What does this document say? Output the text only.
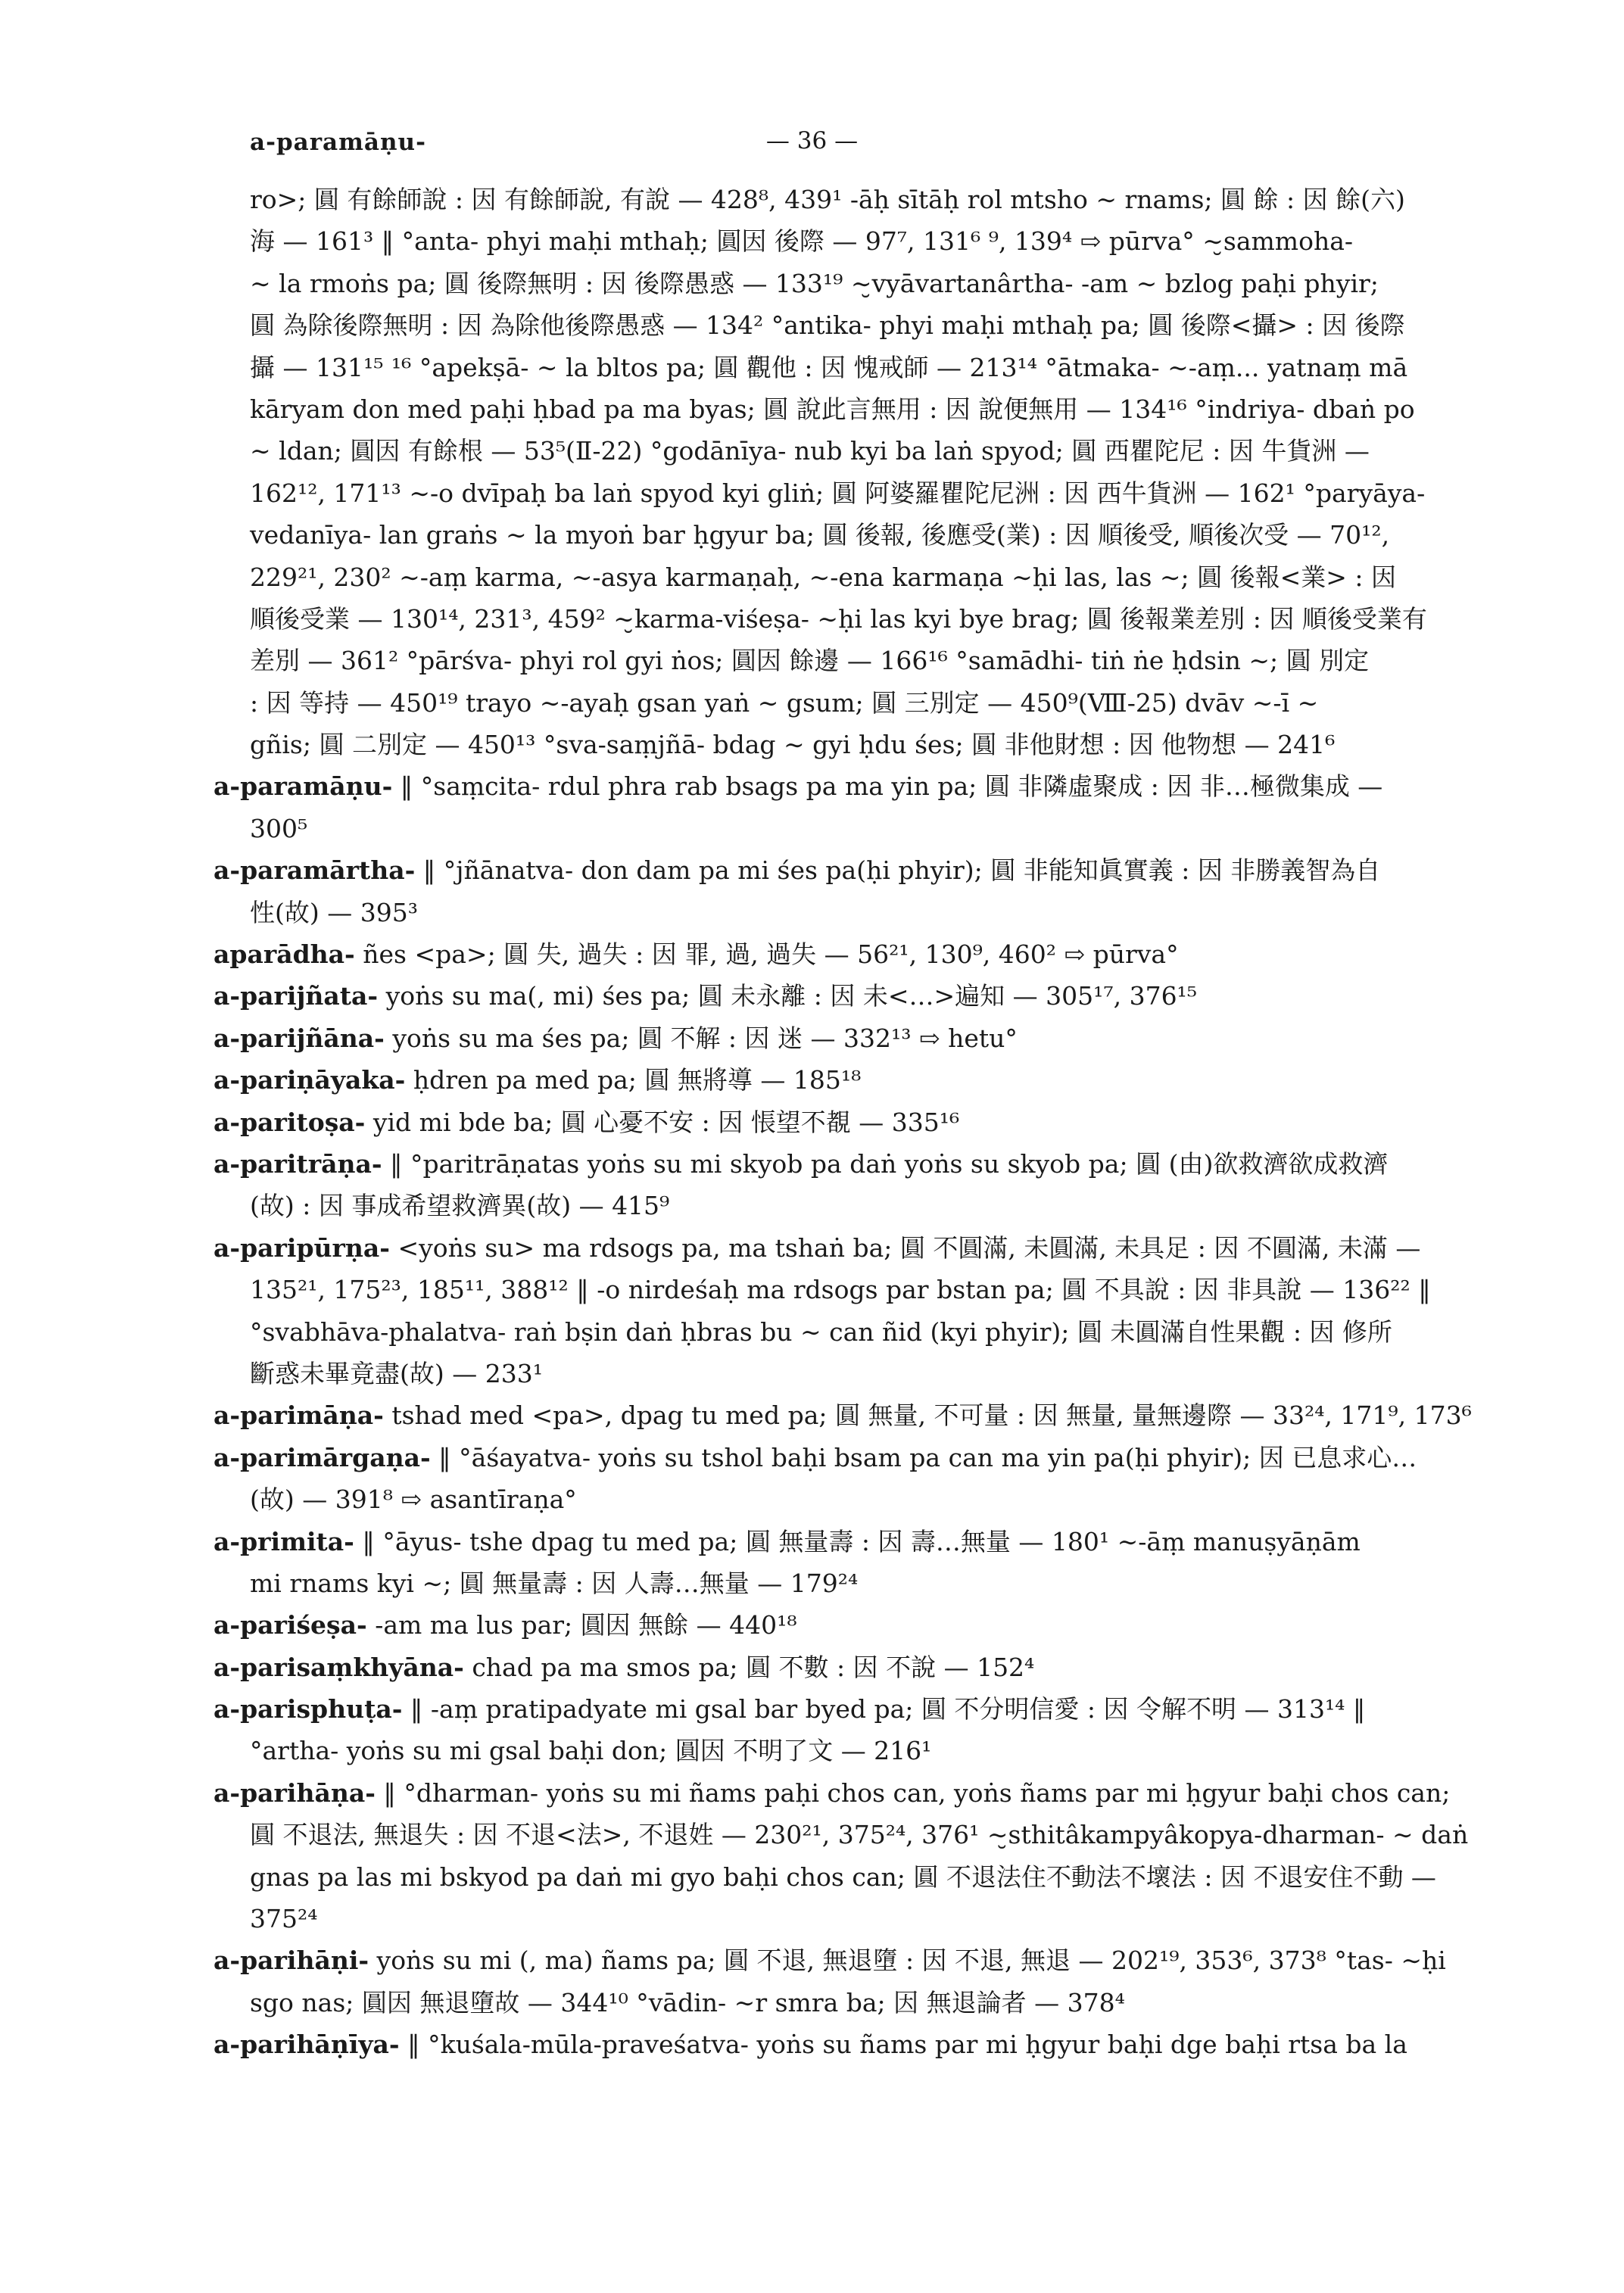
a-paramāṇu-	— 36 —
ro>; 圓 有餘師說 : 因 有餘師說, 有說 — 428⁸, 439¹ -āḥ sītāḥ rol mtsho ∼ rnams; 圓 餘 : 因 餘(六)
海 — 161³ ‖ °anta- phyi maḥi mthaḥ; 圓因 後際 — 97⁷, 131⁶ ⁹, 139⁴ ⇨ pūrva° ∼̮sammoha-
∼ la rmoṅs pa; 圓 後際無明 : 因 後際愚惑 — 133¹⁹ ∼̮vyāvartanârtha- -am ∼ bzlog paḥi phyir;
圓 為除後際無明 : 因 為除他後際愚惑 — 134² °antika- phyi maḥi mthaḥ pa; 圓 後際<攝> : 因 後際
攝 — 131¹⁵ ¹⁶ °apekṣā- ∼ la bltos pa; 圓 觀他 : 因 愧戒師 — 213¹⁴ °ātmaka- ∼-aṃ... yatnaṃ mā
kāryam don med paḥi ḥbad pa ma byas; 圓 說此言無用 : 因 說便無用 — 134¹⁶ °indriya- dbaṅ po
∼ ldan; 圓因 有餘根 — 53⁵(Ⅱ-22) °godānīya- nub kyi ba laṅ spyod; 圓 西瞿陀尼 : 因 牛貨洲 —
162¹², 171¹³ ∼-o dvīpaḥ ba laṅ spyod kyi gliṅ; 圓 阿婆羅瞿陀尼洲 : 因 西牛貨洲 — 162¹ °paryāya-
vedanīya- lan graṅs ∼ la myoṅ bar ḥgyur ba; 圓 後報, 後應受(業) : 因 順後受, 順後次受 — 70¹²,
229²¹, 230² ∼-aṃ karma, ∼-asya karmaṇaḥ, ∼-ena karmaṇa ∼ḥi las, las ∼; 圓 後報<業> : 因
順後受業 — 130¹⁴, 231³, 459² ∼̮karma-viśeṣa- ∼ḥi las kyi bye brag; 圓 後報業差別 : 因 順後受業有
差別 — 361² °pārśva- phyi rol gyi ṅos; 圓因 餘邊 — 166¹⁶ °samādhi- tiṅ ṅe ḥdsin ∼; 圓 別定
: 因 等持 — 450¹⁹ trayo ∼-ayaḥ gsan yaṅ ∼ gsum; 圓 三別定 — 450⁹(Ⅷ-25) dvāv ∼-ī ∼
gñis; 圓 二別定 — 450¹³ °sva-saṃjñā- bdag ∼ gyi ḥdu śes; 圓 非他財想 : 因 他物想 — 241⁶
a-paramāṇu- ‖ °saṃcita- rdul phra rab bsags pa ma yin pa; 圓 非隣虛聚成 : 因 非…極微集成 —
300⁵
a-paramārtha- ‖ °jñānatva- don dam pa mi śes pa(ḥi phyir); 圓 非能知眞實義 : 因 非勝義智為自
性(故) — 395³
aparādha- ñes <pa>; 圓 失, 過失 : 因 罪, 過, 過失 — 56²¹, 130⁹, 460² ⇨ pūrva°
a-parijñata- yoṅs su ma(, mi) śes pa; 圓 未永離 : 因 未<…>遍知 — 305¹⁷, 376¹⁵
a-parijñāna- yoṅs su ma śes pa; 圓 不解 : 因 迷 — 332¹³ ⇨ hetu°
a-pariṇāyaka- ḥdren pa med pa; 圓 無將導 — 185¹⁸
a-paritoṣa- yid mi bde ba; 圓 心憂不安 : 因 悵望不覩 — 335¹⁶
a-paritrāṇa- ‖ °paritrāṇatas yoṅs su mi skyob pa daṅ yoṅs su skyob pa; 圓 (由)欲救濟欲成救濟
(故) : 因 事成希望救濟異(故) — 415⁹
a-paripūrṇa- <yoṅs su> ma rdsogs pa, ma tshaṅ ba; 圓 不圓滿, 未圓滿, 未具足 : 因 不圓滿, 未滿 —
135²¹, 175²³, 185¹¹, 388¹² ‖ -o nirdeśaḥ ma rdsogs par bstan pa; 圓 不具說 : 因 非具說 — 136²² ‖
°svabhāva-phalatva- raṅ bṣin daṅ ḥbras bu ∼ can ñid (kyi phyir); 圓 未圓滿自性果觀 : 因 修所
斷惑未畢竟盡(故) — 233¹
a-parimāṇa- tshad med <pa>, dpag tu med pa; 圓 無量, 不可量 : 因 無量, 量無邊際 — 33²⁴, 171⁹, 173⁶
a-parimārgaṇa- ‖ °āśayatva- yoṅs su tshol baḥi bsam pa can ma yin pa(ḥi phyir); 因 已息求心…
(故) — 391⁸ ⇨ asantīraṇa°
a-primita- ‖ °āyus- tshe dpag tu med pa; 圓 無量壽 : 因 壽…無量 — 180¹ ∼-āṃ manuṣyāṇām
mi rnams kyi ∼; 圓 無量壽 : 因 人壽…無量 — 179²⁴
a-pariśeṣa- -am ma lus par; 圓因 無餘 — 440¹⁸
a-parisaṃkhyāna- chad pa ma smos pa; 圓 不數 : 因 不說 — 152⁴
a-parisphuṭa- ‖ -aṃ pratipadyate mi gsal bar byed pa; 圓 不分明信愛 : 因 令解不明 — 313¹⁴ ‖
°artha- yoṅs su mi gsal baḥi don; 圓因 不明了文 — 216¹
a-parihāṇa- ‖ °dharman- yoṅs su mi ñams paḥi chos can, yoṅs ñams par mi ḥgyur baḥi chos can;
圓 不退法, 無退失 : 因 不退<法>, 不退姓 — 230²¹, 375²⁴, 376¹ ∼̮sthitâkampyâkopya-dharman- ∼ daṅ
gnas pa las mi bskyod pa daṅ mi gyo baḥi chos can; 圓 不退法住不動法不壞法 : 因 不退安住不動 —
375²⁴
a-parihāṇi- yoṅs su mi (, ma) ñams pa; 圓 不退, 無退墮 : 因 不退, 無退 — 202¹⁹, 353⁶, 373⁸ °tas- ∼ḥi
sgo nas; 圓因 無退墮故 — 344¹⁰ °vādin- ∼r smra ba; 因 無退論者 — 378⁴
a-parihāṇīya- ‖ °kuśala-mūla-praveśatva- yoṅs su ñams par mi ḥgyur baḥi dge baḥi rtsa ba la
